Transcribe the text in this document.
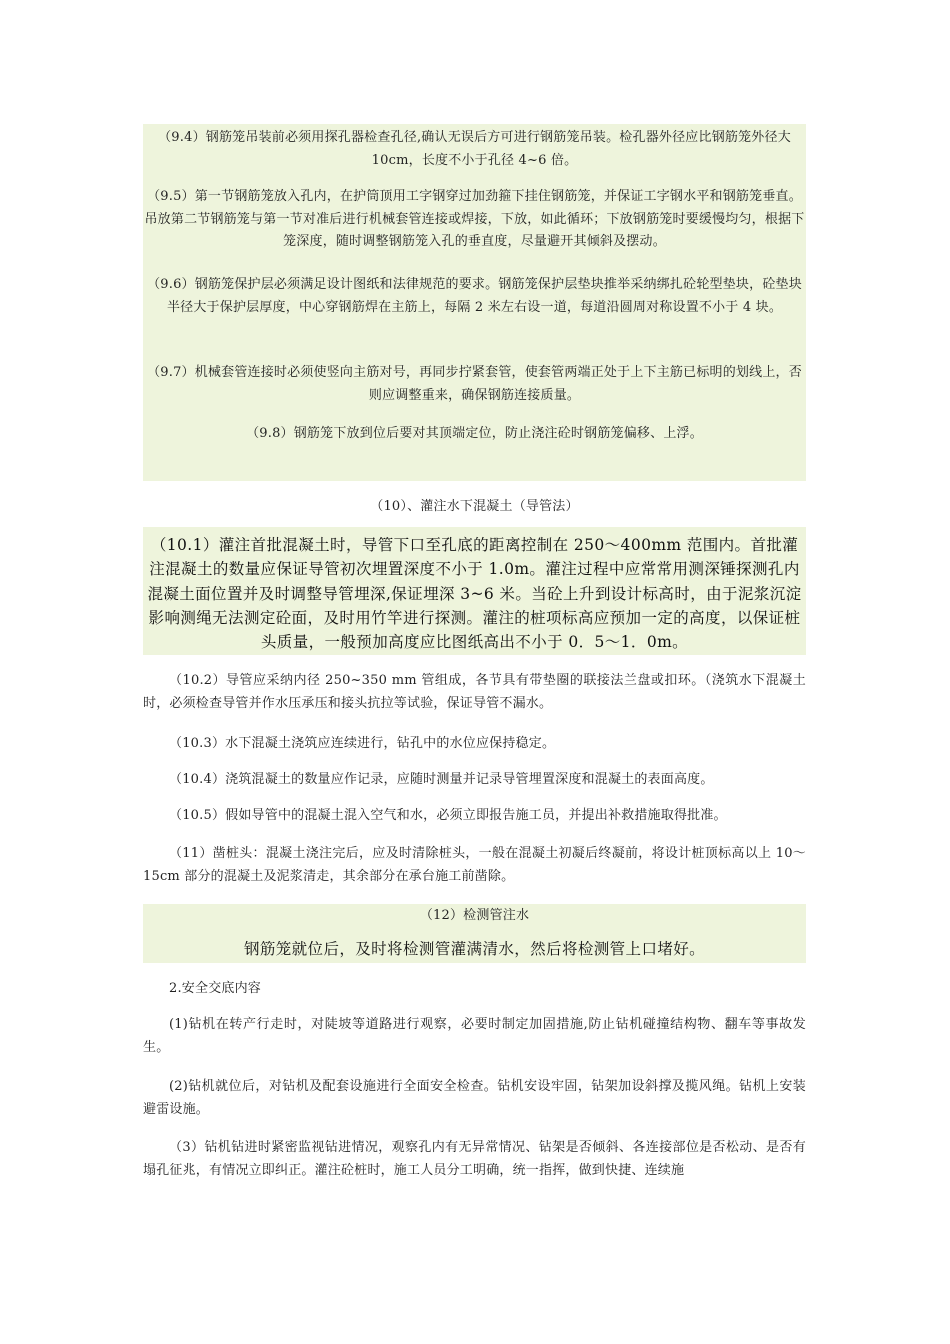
（9.4）钢筋笼吊装前必须用探孔器检查孔径,确认无误后方可进行钢筋笼吊装。检孔器外径应比钢筋笼外径大 10cm，长度不小于孔径 4~6 倍。

（9.5）第一节钢筋笼放入孔内，在护筒顶用工字钢穿过加劲箍下挂住钢筋笼，并保证工字钢水平和钢筋笼垂直。吊放第二节钢筋笼与第一节对准后进行机械套管连接或焊接，下放，如此循环；下放钢筋笼时要缓慢均匀，根据下笼深度，随时调整钢筋笼入孔的垂直度，尽量避开其倾斜及摆动。

（9.6）钢筋笼保护层必须满足设计图纸和法律规范的要求。钢筋笼保护层垫块推举采纳绑扎砼轮型垫块，砼垫块半径大于保护层厚度，中心穿钢筋焊在主筋上，每隔 2 米左右设一道，每道沿圆周对称设置不小于 4 块。

（9.7）机械套管连接时必须使竖向主筋对号，再同步拧紧套管，使套管两端正处于上下主筋已标明的划线上，否则应调整重来，确保钢筋连接质量。

（9.8）钢筋笼下放到位后要对其顶端定位，防止浇注砼时钢筋笼偏移、上浮。

（10）、灌注水下混凝土（导管法）

（10.1）灌注首批混凝土时，导管下口至孔底的距离控制在 250～400mm 范围内。首批灌注混凝土的数量应保证导管初次埋置深度不小于 1.0m。灌注过程中应常常用测深锤探测孔内混凝土面位置并及时调整导管埋深,保证埋深 3~6 米。当砼上升到设计标高时，由于泥浆沉淀影响测绳无法测定砼面，及时用竹竿进行探测。灌注的桩项标高应预加一定的高度，以保证桩头质量，一般预加高度应比图纸高出不小于 0．5～1．0m。

（10.2）导管应采纳内径 250~350 mm 管组成，各节具有带垫圈的联接法兰盘或扣环。（浇筑水下混凝土时，必须检查导管并作水压承压和接头抗拉等试验，保证导管不漏水。

（10.3）水下混凝土浇筑应连续进行，钻孔中的水位应保持稳定。

（10.4）浇筑混凝土的数量应作记录，应随时测量并记录导管埋置深度和混凝土的表面高度。

（10.5）假如导管中的混凝土混入空气和水，必须立即报告施工员，并提出补救措施取得批准。

（11）凿桩头：混凝土浇注完后，应及时清除桩头，一般在混凝土初凝后终凝前，将设计桩顶标高以上 10～15cm 部分的混凝土及泥浆清走，其余部分在承台施工前凿除。

（12）检测管注水

钢筋笼就位后，及时将检测管灌满清水，然后将检测管上口堵好。

2.安全交底内容

(1)钻机在转产行走时，对陡坡等道路进行观察，必要时制定加固措施,防止钻机碰撞结构物、翻车等事故发生。

(2)钻机就位后，对钻机及配套设施进行全面安全检查。钻机安设牢固，钻架加设斜撑及揽风绳。钻机上安装避雷设施。

（3）钻机钻进时紧密监视钻进情况，观察孔内有无异常情况、钻架是否倾斜、各连接部位是否松动、是否有塌孔征兆，有情况立即纠正。灌注砼桩时，施工人员分工明确，统一指挥，做到快捷、连续施
